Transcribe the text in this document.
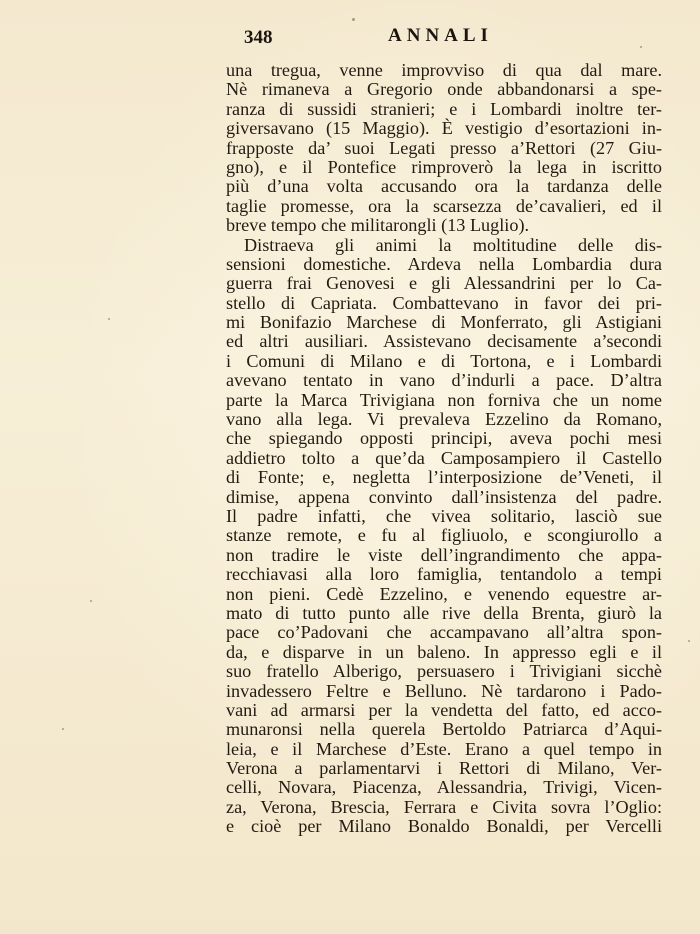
348	ANNALI
una tregua, venne improvviso di qua dal mare.
Nè rimaneva a Gregorio onde abbandonarsi a spe-
ranza di sussidi stranieri; e i Lombardi inoltre ter-
giversavano (15 Maggio). È vestigio d’esortazioni in-
frapposte da’ suoi Legati presso a’Rettori (27 Giu-
gno), e il Pontefice rimproverò la lega in iscritto
più d’una volta accusando ora la tardanza delle
taglie promesse, ora la scarsezza de’cavalieri, ed il
breve tempo che militarongli (13 Luglio).
Distraeva gli animi la moltitudine delle dis-
sensioni domestiche. Ardeva nella Lombardia dura
guerra frai Genovesi e gli Alessandrini per lo Ca-
stello di Capriata. Combattevano in favor dei pri-
mi Bonifazio Marchese di Monferrato, gli Astigiani
ed altri ausiliari. Assistevano decisamente a’secondi
i Comuni di Milano e di Tortona, e i Lombardi
avevano tentato in vano d’indurli a pace. D’altra
parte la Marca Trivigiana non forniva che un nome
vano alla lega. Vi prevaleva Ezzelino da Romano,
che spiegando opposti principi, aveva pochi mesi
addietro tolto a que’da Camposampiero il Castello
di Fonte; e, negletta l’interposizione de’Veneti, il
dimise, appena convinto dall’insistenza del padre.
Il padre infatti, che vivea solitario, lasciò sue
stanze remote, e fu al figliuolo, e scongiurollo a
non tradire le viste dell’ingrandimento che appa-
recchiavasi alla loro famiglia, tentandolo a tempi
non pieni. Cedè Ezzelino, e venendo equestre ar-
mato di tutto punto alle rive della Brenta, giurò la
pace co’Padovani che accampavano all’altra spon-
da, e disparve in un baleno. In appresso egli e il
suo fratello Alberigo, persuasero i Trivigiani sicchè
invadessero Feltre e Belluno. Nè tardarono i Pado-
vani ad armarsi per la vendetta del fatto, ed acco-
munaronsi nella querela Bertoldo Patriarca d’Aqui-
leia, e il Marchese d’Este. Erano a quel tempo in
Verona a parlamentarvi i Rettori di Milano, Ver-
celli, Novara, Piacenza, Alessandria, Trivigi, Vicen-
za, Verona, Brescia, Ferrara e Civita sovra l’Oglio:
e cioè per Milano Bonaldo Bonaldi, per Vercelli
